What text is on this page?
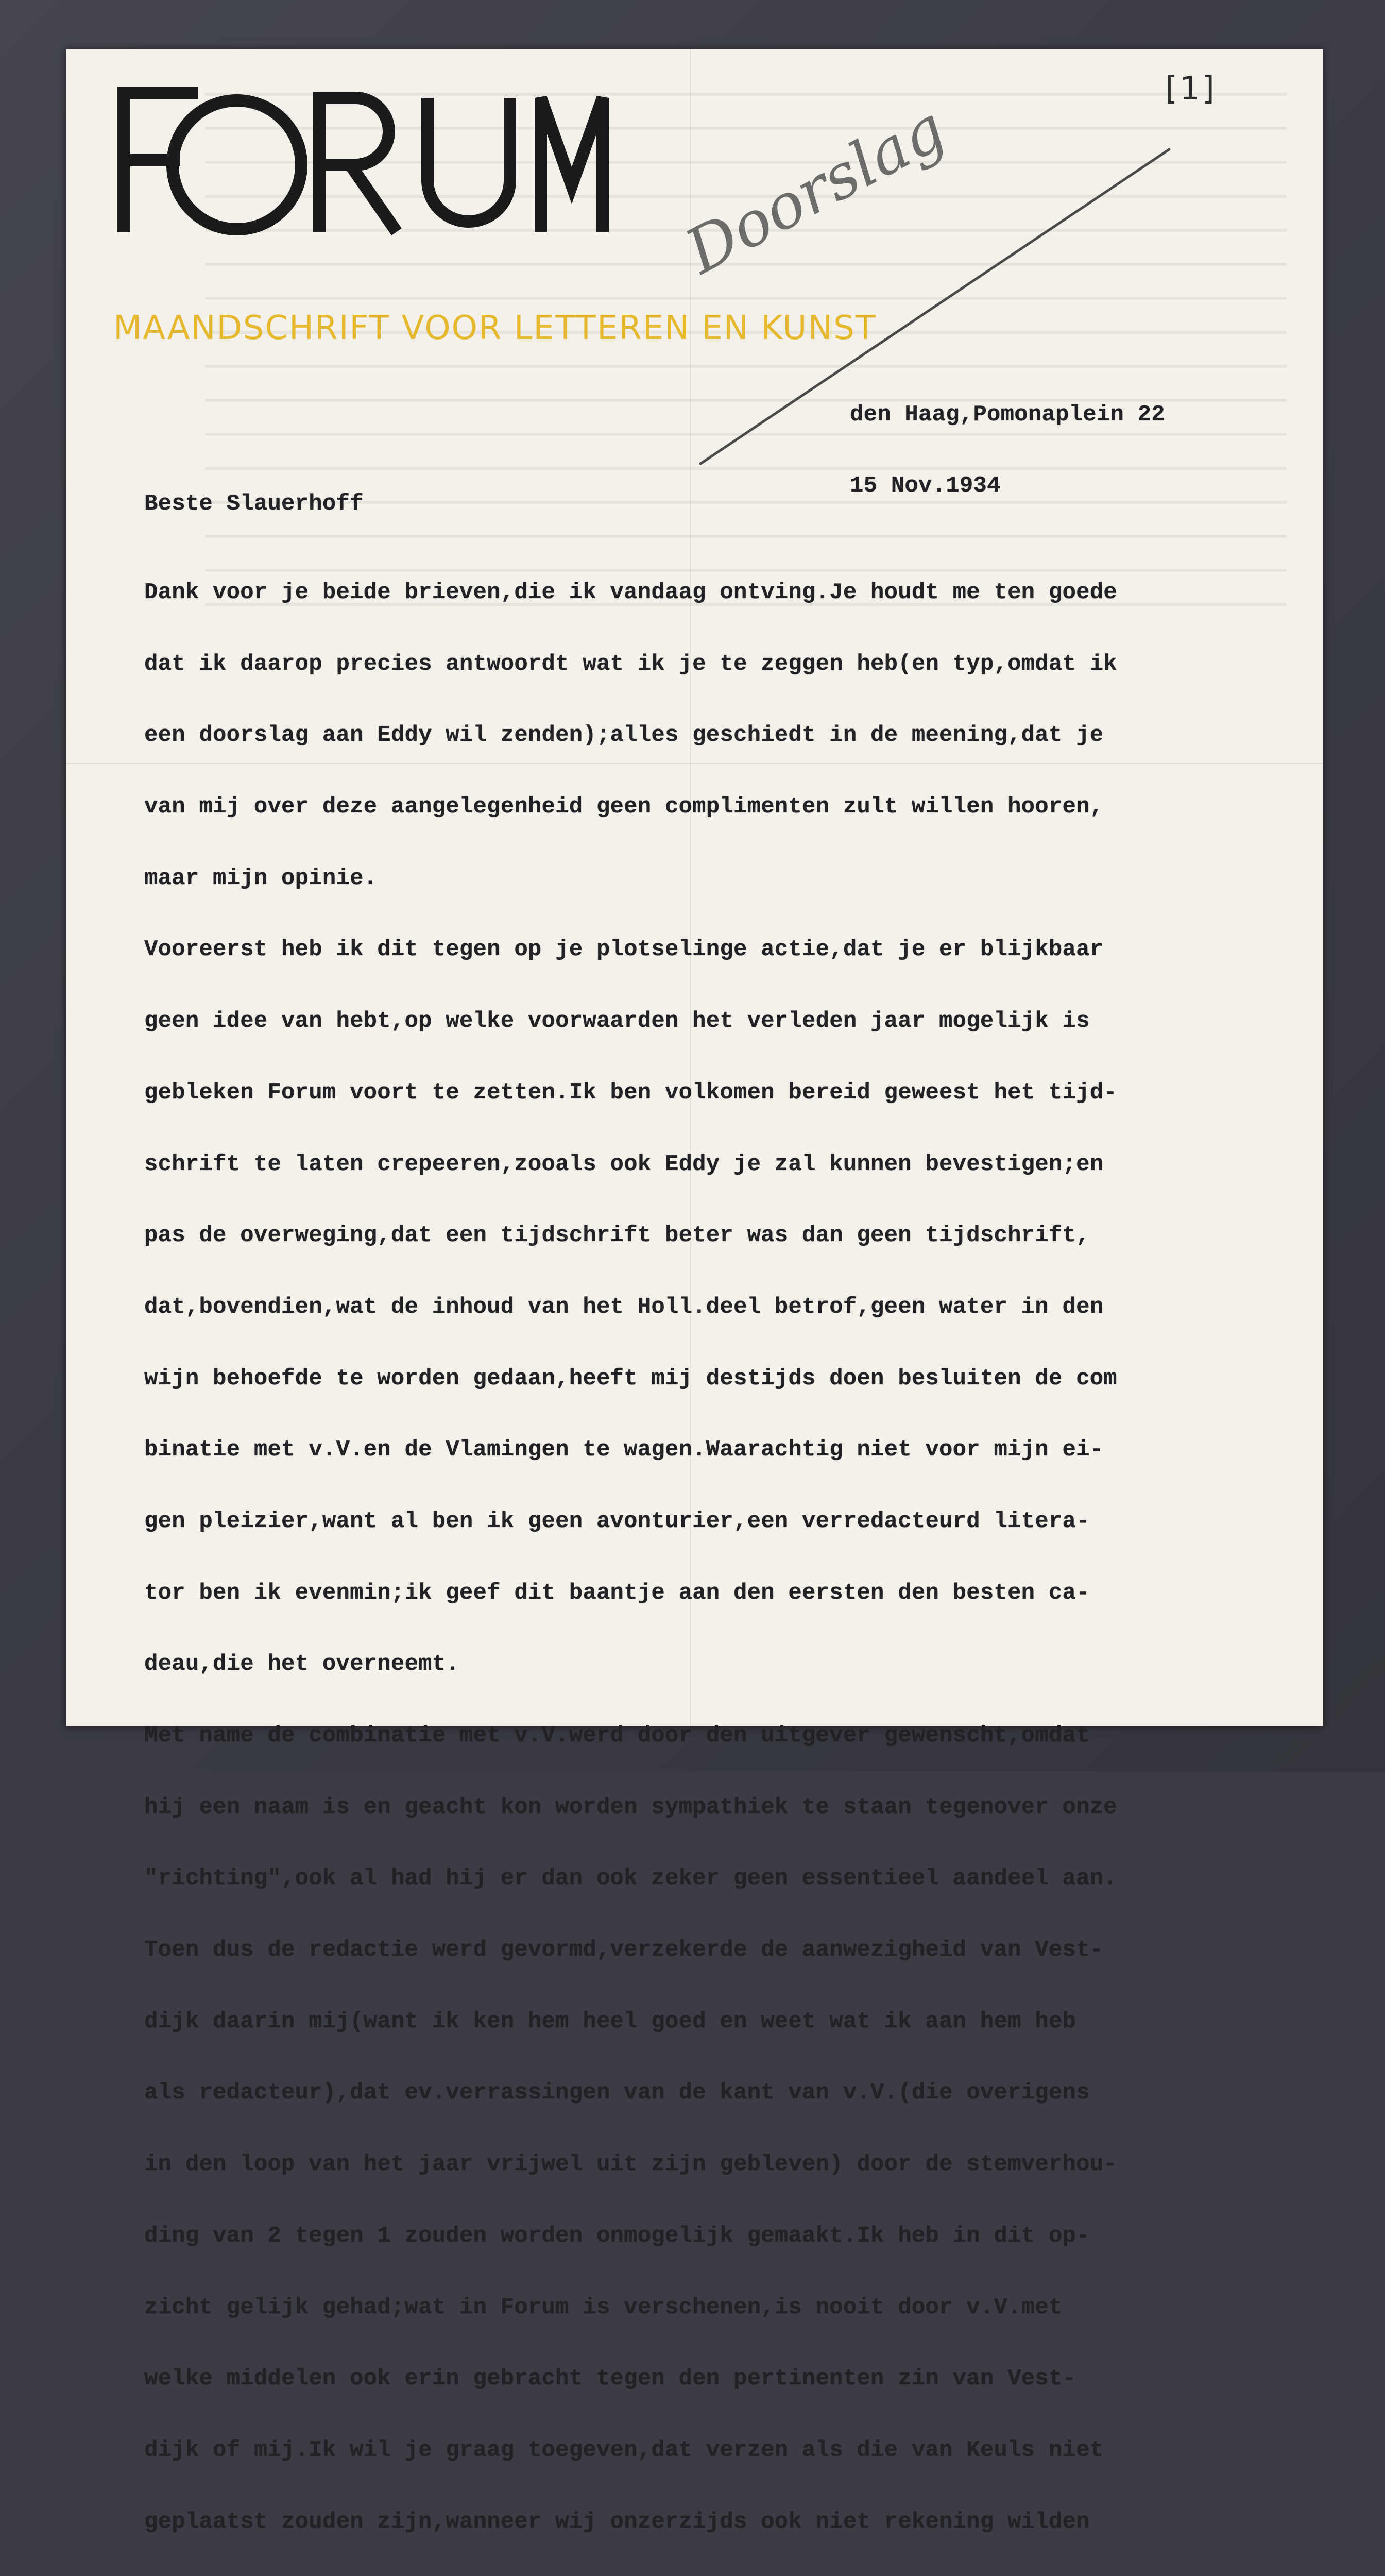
FORUM
MAANDSCHRIFT VOOR LETTEREN EN KUNST
[1]
Doorslag

den Haag,Pomonaplein 22

15 Nov.1934

Beste Slauerhoff

Dank voor je beide brieven,die ik vandaag ontving.Je houdt me ten goede

dat ik daarop precies antwoordt wat ik je te zeggen heb(en typ,omdat ik

een doorslag aan Eddy wil zenden);alles geschiedt in de meening,dat je

van mij over deze aangelegenheid geen complimenten zult willen hooren,

maar mijn opinie.

Vooreerst heb ik dit tegen op je plotselinge actie,dat je er blijkbaar

geen idee van hebt,op welke voorwaarden het verleden jaar mogelijk is

gebleken Forum voort te zetten.Ik ben volkomen bereid geweest het tijd-

schrift te laten crepeeren,zooals ook Eddy je zal kunnen bevestigen;en

pas de overweging,dat een tijdschrift beter was dan geen tijdschrift,

dat,bovendien,wat de inhoud van het Holl.deel betrof,geen water in den

wijn behoefde te worden gedaan,heeft mij destijds doen besluiten de com

binatie met v.V.en de Vlamingen te wagen.Waarachtig niet voor mijn ei-

gen pleizier,want al ben ik geen avonturier,een verredacteurd litera-

tor ben ik evenmin;ik geef dit baantje aan den eersten den besten ca-

deau,die het overneemt.

Met name de combinatie met v.V.werd door den uitgever gewenscht,omdat

hij een naam is en geacht kon worden sympathiek te staan tegenover onze

"richting",ook al had hij er dan ook zeker geen essentieel aandeel aan.

Toen dus de redactie werd gevormd,verzekerde de aanwezigheid van Vest-

dijk daarin mij(want ik ken hem heel goed en weet wat ik aan hem heb

als redacteur),dat ev.verrassingen van de kant van v.V.(die overigens

in den loop van het jaar vrijwel uit zijn gebleven) door de stemverhou-

ding van 2 tegen 1 zouden worden onmogelijk gemaakt.Ik heb in dit op-

zicht gelijk gehad;wat in Forum is verschenen,is nooit door v.V.met

welke middelen ook erin gebracht tegen den pertinenten zin van Vest-

dijk of mij.Ik wil je graag toegeven,dat verzen als die van Keuls niet

geplaatst zouden zijn,wanneer wij onzerzijds ook niet rekening wilden
